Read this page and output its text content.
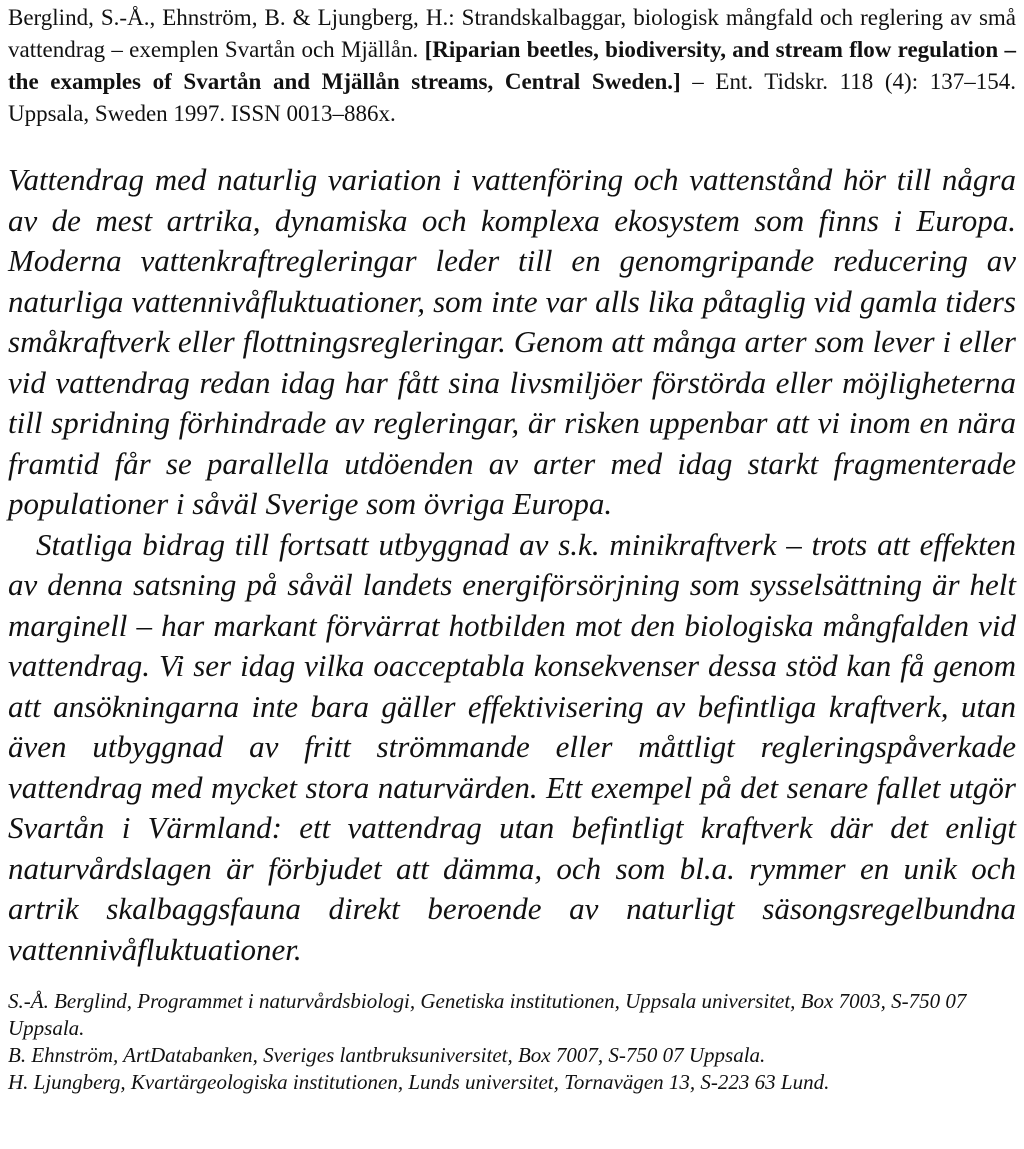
Berglind, S.-Å., Ehnström, B. & Ljungberg, H.: Strandskalbaggar, biologisk mångfald och reglering av små vattendrag – exemplen Svartån och Mjällån. [Riparian beetles, biodiversity, and stream flow regulation – the examples of Svartån and Mjällån streams, Central Sweden.] – Ent. Tidskr. 118 (4): 137–154. Uppsala, Sweden 1997. ISSN 0013–886x.

Vattendrag med naturlig variation i vattenföring och vattenstånd hör till några av de mest artrika, dynamiska och komplexa ekosystem som finns i Europa. Moderna vattenkraftregleringar leder till en genomgripande reducering av naturliga vattennivåfluktuationer, som inte var alls lika påtaglig vid gamla tiders småkraftverk eller flottningsregleringar. Genom att många arter som lever i eller vid vattendrag redan idag har fått sina livsmiljöer förstörda eller möjligheterna till spridning förhindrade av regleringar, är risken uppenbar att vi inom en nära framtid får se parallella utdöenden av arter med idag starkt fragmenterade populationer i såväl Sverige som övriga Europa.

Statliga bidrag till fortsatt utbyggnad av s.k. minikraftverk – trots att effekten av denna satsning på såväl landets energiförsörjning som sysselsättning är helt marginell – har markant förvärrat hotbilden mot den biologiska mångfalden vid vattendrag. Vi ser idag vilka oacceptabla konsekvenser dessa stöd kan få genom att ansökningarna inte bara gäller effektivisering av befintliga kraftverk, utan även utbyggnad av fritt strömmande eller måttligt regleringspåverkade vattendrag med mycket stora naturvärden. Ett exempel på det senare fallet utgör Svartån i Värmland: ett vattendrag utan befintligt kraftverk där det enligt naturvårdslagen är förbjudet att dämma, och som bl.a. rymmer en unik och artrik skalbaggsfauna direkt beroende av naturligt säsongsregelbundna vattennivåfluktuationer.

S.-Å. Berglind, Programmet i naturvårdsbiologi, Genetiska institutionen, Uppsala universitet, Box 7003, S-750 07 Uppsala.

B. Ehnström, ArtDatabanken, Sveriges lantbruksuniversitet, Box 7007, S-750 07 Uppsala.

H. Ljungberg, Kvartärgeologiska institutionen, Lunds universitet, Tornavägen 13, S-223 63 Lund.
